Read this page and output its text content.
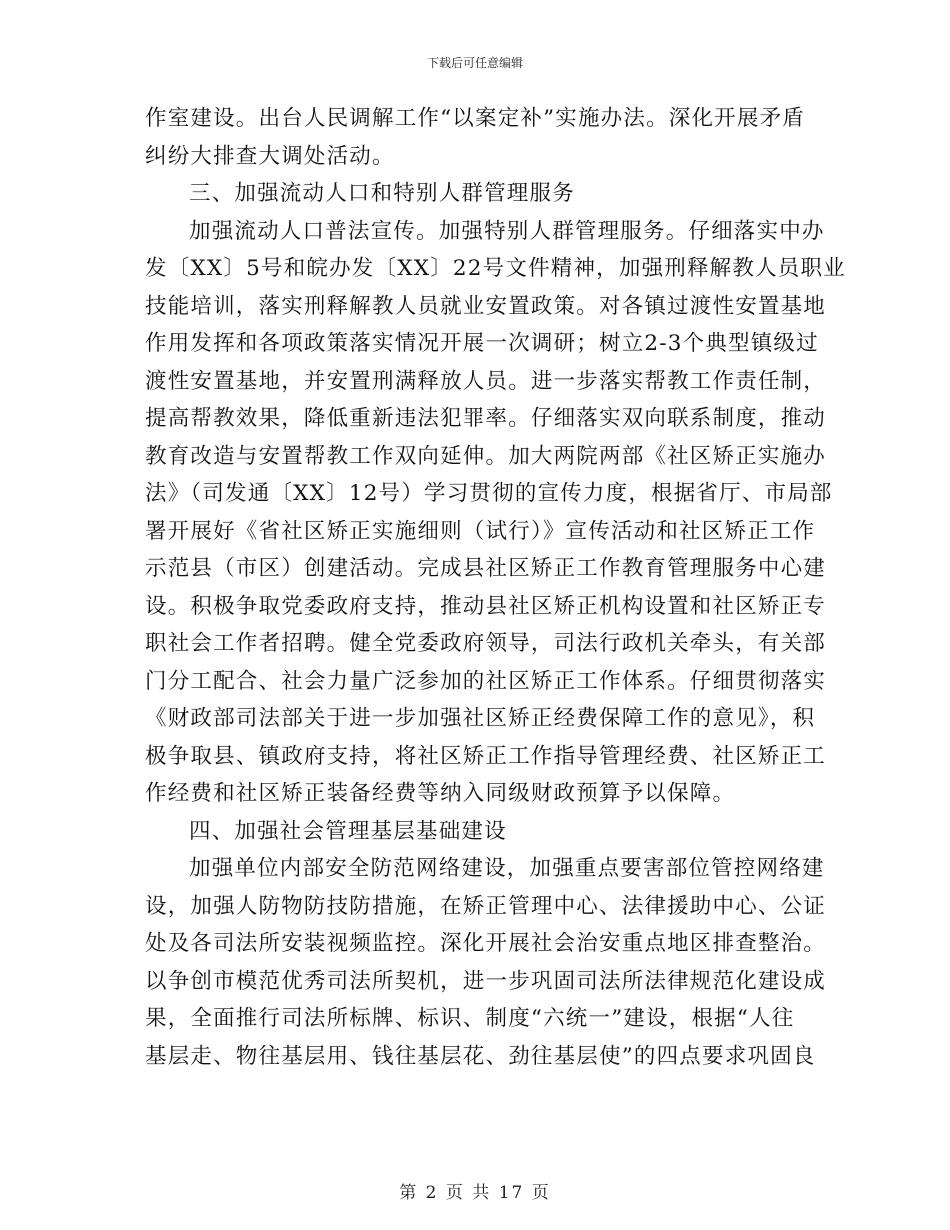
下载后可任意编辑
作室建设。出台人民调解工作“以案定补”实施办法。深化开展矛盾
纠纷大排查大调处活动。
三、加强流动人口和特别人群管理服务
加强流动人口普法宣传。加强特别人群管理服务。仔细落实中办
发〔XX〕5号和皖办发〔XX〕22号文件精神，加强刑释解教人员职业
技能培训，落实刑释解教人员就业安置政策。对各镇过渡性安置基地
作用发挥和各项政策落实情况开展一次调研；树立2-3个典型镇级过
渡性安置基地，并安置刑满释放人员。进一步落实帮教工作责任制，
提高帮教效果，降低重新违法犯罪率。仔细落实双向联系制度，推动
教育改造与安置帮教工作双向延伸。加大两院两部《社区矫正实施办
法》（司发通〔XX〕12号）学习贯彻的宣传力度，根据省厅、市局部
署开展好《省社区矫正实施细则（试行）》宣传活动和社区矫正工作
示范县（市区）创建活动。完成县社区矫正工作教育管理服务中心建
设。积极争取党委政府支持，推动县社区矫正机构设置和社区矫正专
职社会工作者招聘。健全党委政府领导，司法行政机关牵头，有关部
门分工配合、社会力量广泛参加的社区矫正工作体系。仔细贯彻落实
《财政部司法部关于进一步加强社区矫正经费保障工作的意见》，积
极争取县、镇政府支持，将社区矫正工作指导管理经费、社区矫正工
作经费和社区矫正装备经费等纳入同级财政预算予以保障。
四、加强社会管理基层基础建设
加强单位内部安全防范网络建设，加强重点要害部位管控网络建
设，加强人防物防技防措施，在矫正管理中心、法律援助中心、公证
处及各司法所安装视频监控。深化开展社会治安重点地区排查整治。
以争创市模范优秀司法所契机，进一步巩固司法所法律规范化建设成
果，全面推行司法所标牌、标识、制度“六统一”建设，根据“人往
基层走、物往基层用、钱往基层花、劲往基层使”的四点要求巩固良
第 2 页 共 17 页
